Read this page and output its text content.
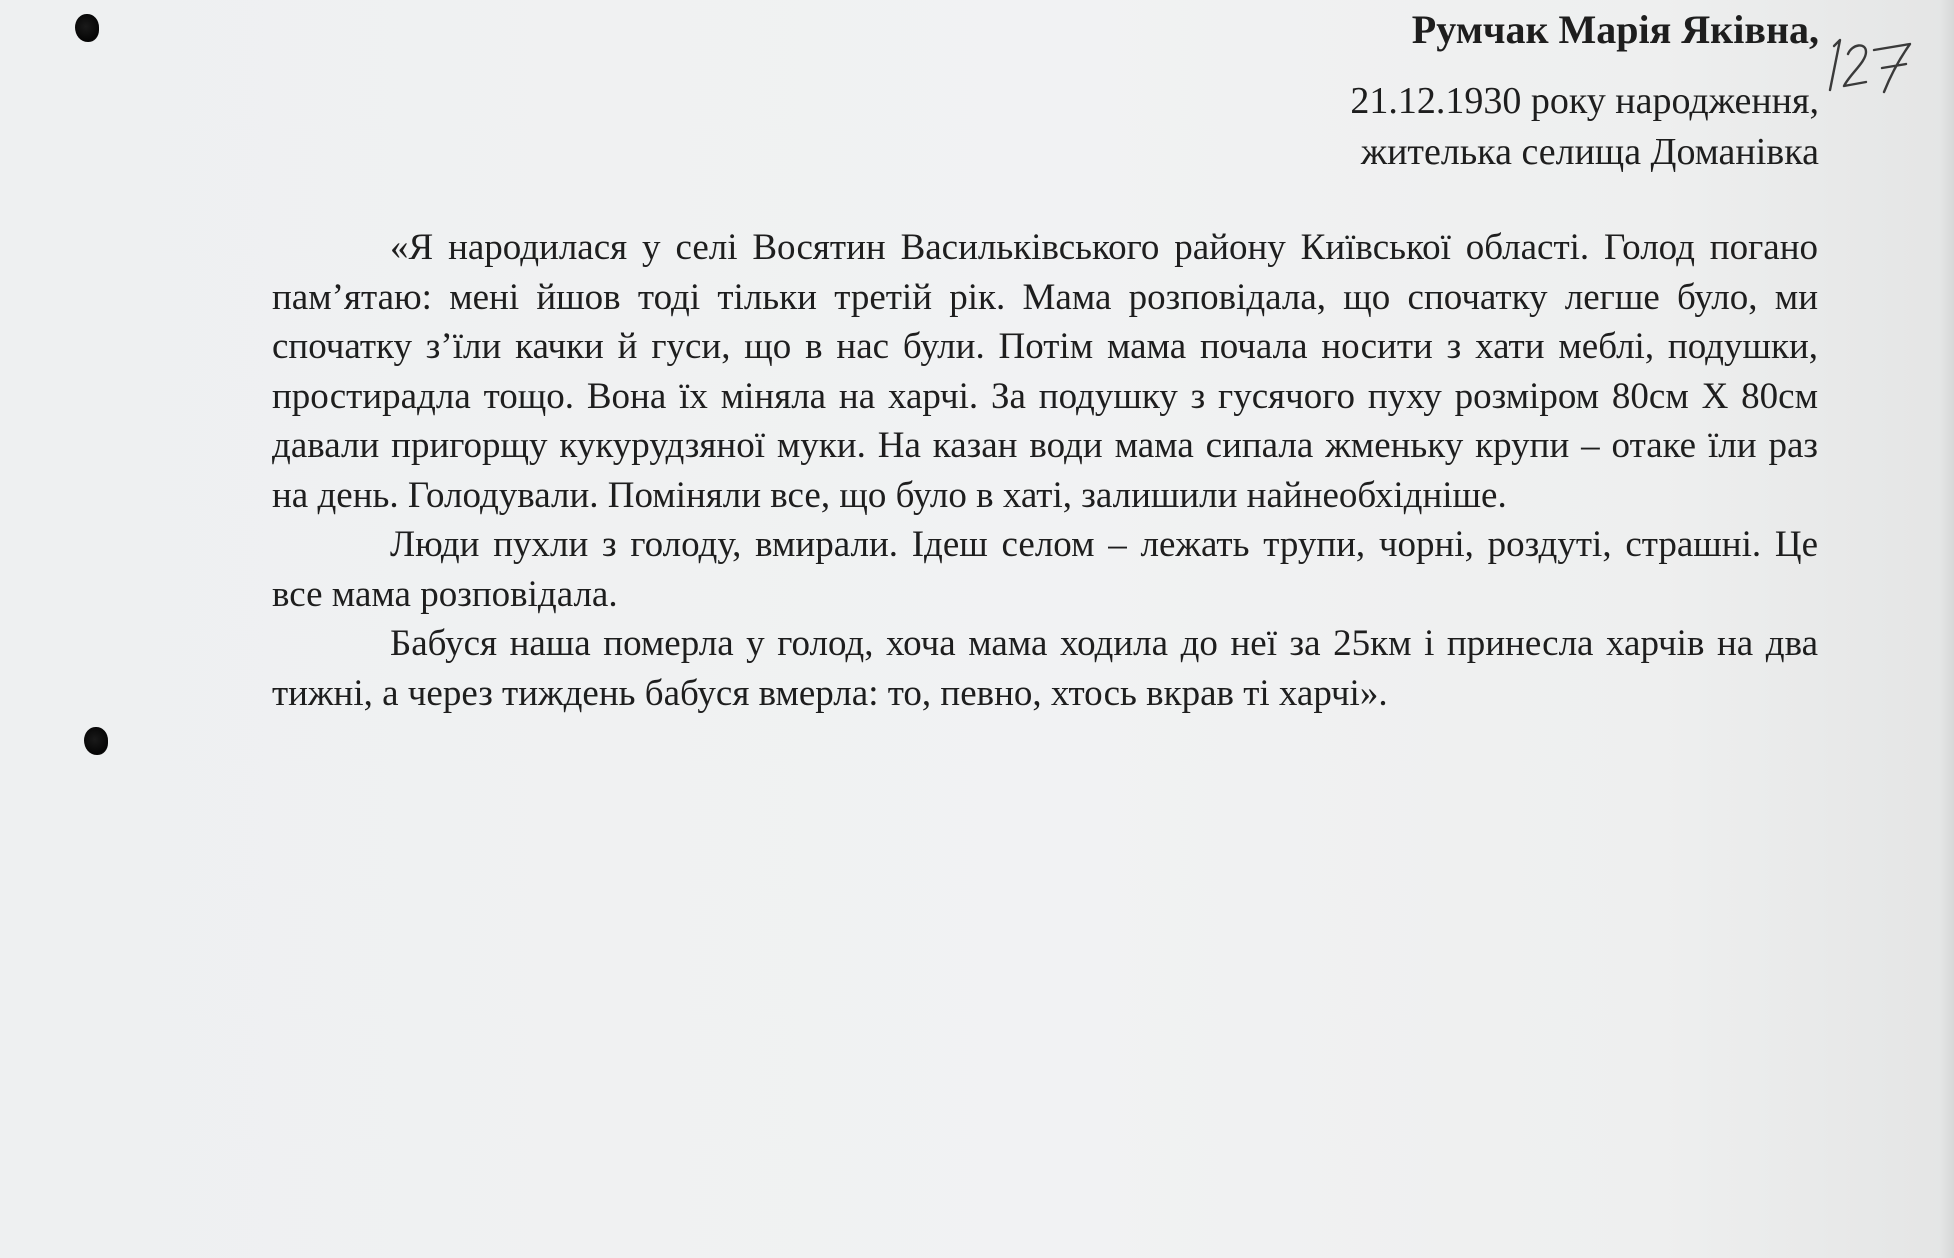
Румчак Марія Яківна,
21.12.1930 року народження,
жителька селища Доманівка

«Я народилася у селі Восятин Васильківського району Київської області. Голод погано пам’ятаю: мені йшов тоді тільки третій рік. Мама розповідала, що спочатку легше було, ми спочатку з’їли качки й гуси, що в нас були. Потім мама почала носити з хати меблі, подушки, простирадла тощо. Вона їх міняла на харчі. За подушку з гусячого пуху розміром 80см Х 80см давали пригорщу кукурудзяної муки. На казан води мама сипала жменьку крупи – отаке їли раз на день. Голодували. Поміняли все, що було в хаті, залишили найнеобхідніше.

Люди пухли з голоду, вмирали. Ідеш селом – лежать трупи, чорні, роздуті, страшні. Це все мама розповідала.

Бабуся наша померла у голод, хоча мама ходила до неї за 25км і принесла харчів на два тижні, а через тиждень бабуся вмерла: то, певно, хтось вкрав ті харчі».
